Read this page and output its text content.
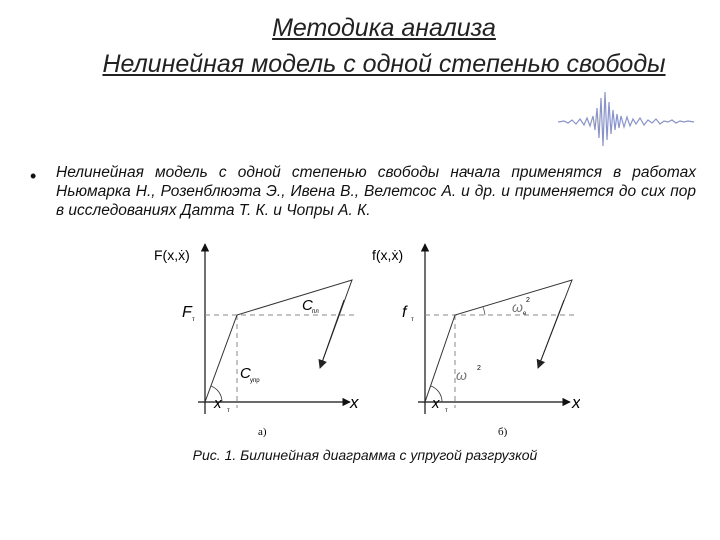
Методика анализа
Нелинейная модель с одной степенью свободы
• Нелинейная модель с одной степенью свободы начала применятся в работах Ньюмарка Н., Розенблюэта Э., Ивена В., Велетсос А. и др. и применяется до сих пор в исследованиях Датта Т. К. и Чопры А. К.
F(x,ẋ)
x
F т
x т
C пл
C упр
а)
f(x,ẋ)
x
f т
x т
ω 2
e
ω 2
б)
Рис. 1. Билинейная диаграмма с упругой разгрузкой
